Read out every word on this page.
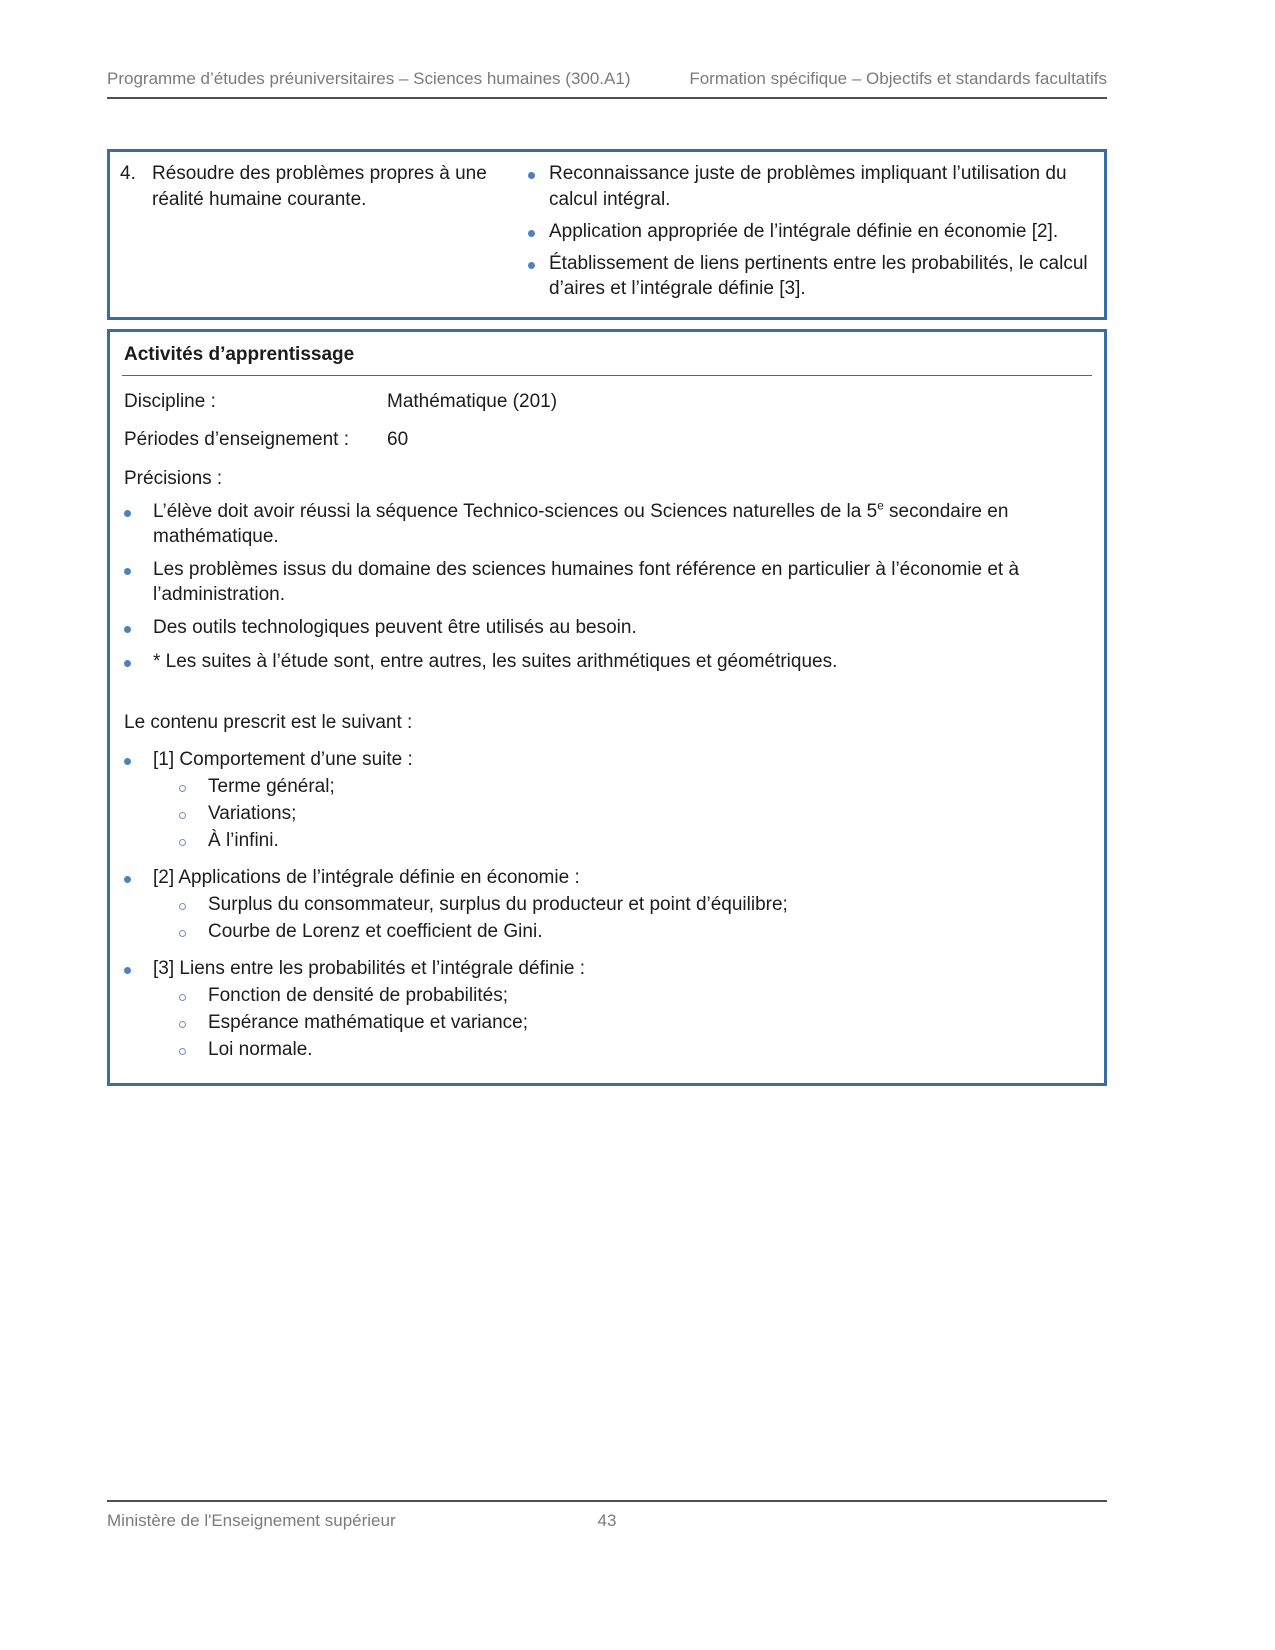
Programme d’études préuniversitaires – Sciences humaines (300.A1)	Formation spécifique – Objectifs et standards facultatifs
4. Résoudre des problèmes propres à une réalité humaine courante.
Reconnaissance juste de problèmes impliquant l’utilisation du calcul intégral.
Application appropriée de l’intégrale définie en économie [2].
Établissement de liens pertinents entre les probabilités, le calcul d’aires et l’intégrale définie [3].
Activités d’apprentissage
Discipline :	Mathématique (201)
Périodes d’enseignement :	60
Précisions :
L’élève doit avoir réussi la séquence Technico-sciences ou Sciences naturelles de la 5e secondaire en mathématique.
Les problèmes issus du domaine des sciences humaines font référence en particulier à l’économie et à l’administration.
Des outils technologiques peuvent être utilisés au besoin.
* Les suites à l’étude sont, entre autres, les suites arithmétiques et géométriques.
Le contenu prescrit est le suivant :
[1] Comportement d’une suite :
Terme général;
Variations;
À l’infini.
[2] Applications de l’intégrale définie en économie :
Surplus du consommateur, surplus du producteur et point d’équilibre;
Courbe de Lorenz et coefficient de Gini.
[3] Liens entre les probabilités et l’intégrale définie :
Fonction de densité de probabilités;
Espérance mathématique et variance;
Loi normale.
Ministère de l'Enseignement supérieur	43
